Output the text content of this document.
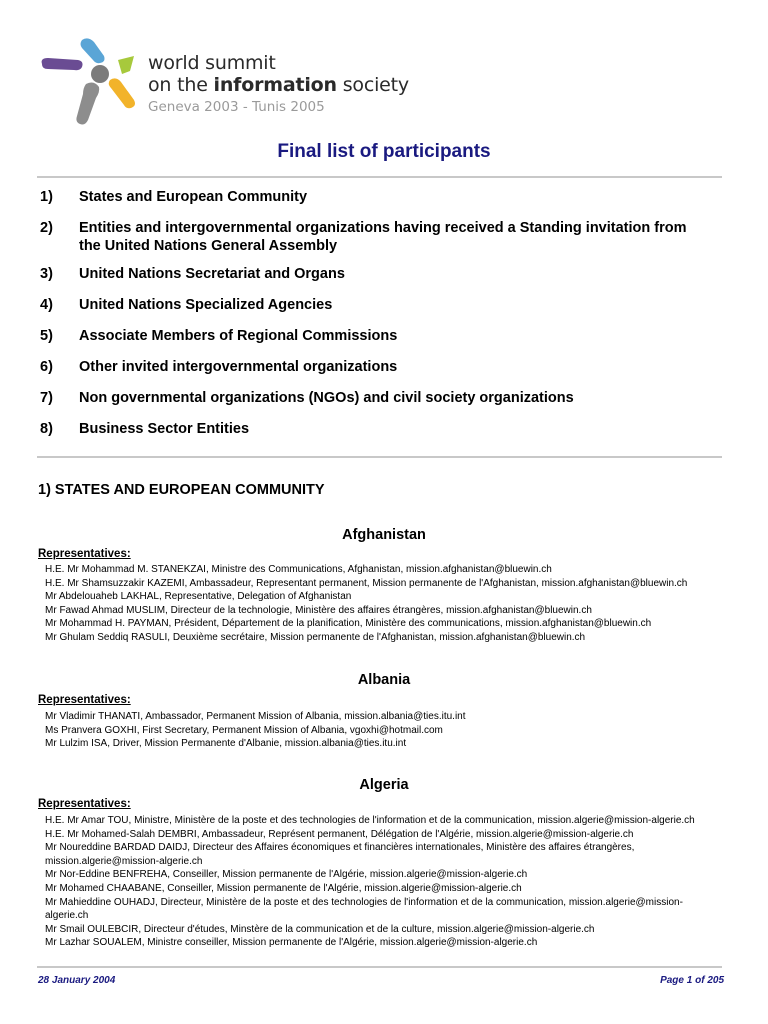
world summit
on the information society
Geneva 2003 - Tunis 2005
Final list of participants
1)	States and European Community
2)	Entities and intergovernmental organizations having received a Standing invitation from the United Nations General Assembly
3)	United Nations Secretariat and Organs
4)	United Nations Specialized Agencies
5)	Associate Members of Regional Commissions
6)	Other invited intergovernmental organizations
7)	Non governmental organizations (NGOs) and civil society organizations
8)	Business Sector Entities
1) STATES AND EUROPEAN COMMUNITY
Afghanistan
Representatives:
H.E. Mr Mohammad M. STANEKZAI, Ministre des Communications, Afghanistan, mission.afghanistan@bluewin.ch
H.E. Mr Shamsuzzakir KAZEMI, Ambassadeur, Representant permanent, Mission permanente de l'Afghanistan, mission.afghanistan@bluewin.ch
Mr Abdelouaheb LAKHAL, Representative, Delegation of Afghanistan
Mr Fawad Ahmad MUSLIM, Directeur de la technologie, Ministère des affaires étrangères, mission.afghanistan@bluewin.ch
Mr Mohammad H. PAYMAN, Président, Département de la planification, Ministère des communications, mission.afghanistan@bluewin.ch
Mr Ghulam Seddiq RASULI, Deuxième secrétaire, Mission permanente de l'Afghanistan, mission.afghanistan@bluewin.ch
Albania
Representatives:
Mr Vladimir THANATI, Ambassador, Permanent Mission of Albania, mission.albania@ties.itu.int
Ms Pranvera GOXHI, First Secretary, Permanent Mission of Albania, vgoxhi@hotmail.com
Mr Lulzim ISA, Driver, Mission Permanente d'Albanie, mission.albania@ties.itu.int
Algeria
Representatives:
H.E. Mr Amar TOU, Ministre, Ministère de la poste et des technologies de l'information et de la communication, mission.algerie@mission-algerie.ch
H.E. Mr Mohamed-Salah DEMBRI, Ambassadeur, Représent permanent, Délégation de l'Algérie, mission.algerie@mission-algerie.ch
Mr Noureddine BARDAD DAIDJ, Directeur des Affaires économiques et financières internationales, Ministère des affaires étrangères, mission.algerie@mission-algerie.ch
Mr Nor-Eddine BENFREHA, Conseiller, Mission permanente de l'Algérie, mission.algerie@mission-algerie.ch
Mr Mohamed CHAABANE, Conseiller, Mission permanente de l'Algérie, mission.algerie@mission-algerie.ch
Mr Mahieddine OUHADJ, Directeur, Ministère de la poste et des technologies de l'information et de la communication, mission.algerie@mission-algerie.ch
Mr Smail OULEBCIR, Directeur d'études, Minstère de la communication et de la culture, mission.algerie@mission-algerie.ch
Mr Lazhar SOUALEM, Ministre conseiller, Mission permanente de l'Algérie, mission.algerie@mission-algerie.ch
28 January 2004	Page 1 of 205
